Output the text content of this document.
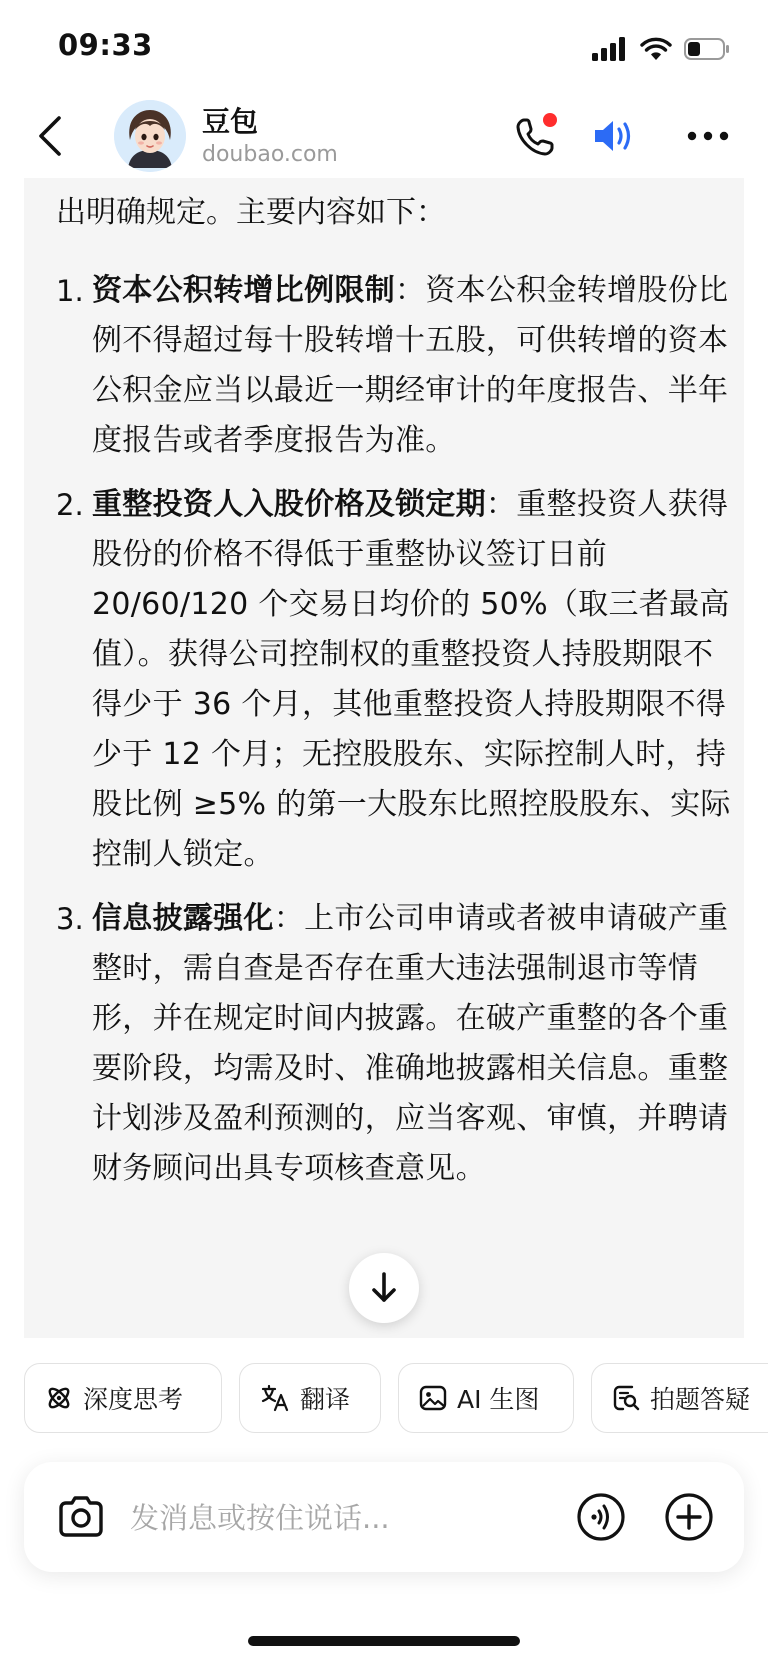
09:33
豆包
doubao.com
出明确规定。主要内容如下：
1. 资本公积转增比例限制：资本公积金转增股份比例不得超过每十股转增十五股，可供转增的资本公积金应当以最近一期经审计的年度报告、半年度报告或者季度报告为准。
2. 重整投资人入股价格及锁定期：重整投资人获得股份的价格不得低于重整协议签订日前 20/60/120 个交易日均价的 50%（取三者最高值）。获得公司控制权的重整投资人持股期限不得少于 36 个月，其他重整投资人持股期限不得少于 12 个月；无控股股东、实际控制人时，持股比例 ≥5% 的第一大股东比照控股股东、实际控制人锁定。
3. 信息披露强化：上市公司申请或者被申请破产重整时，需自查是否存在重大违法强制退市等情形，并在规定时间内披露。在破产重整的各个重要阶段，均需及时、准确地披露相关信息。重整计划涉及盈利预测的，应当客观、审慎，并聘请财务顾问出具专项核查意见。
深度思考	翻译	AI 生图	拍题答疑
发消息或按住说话...
